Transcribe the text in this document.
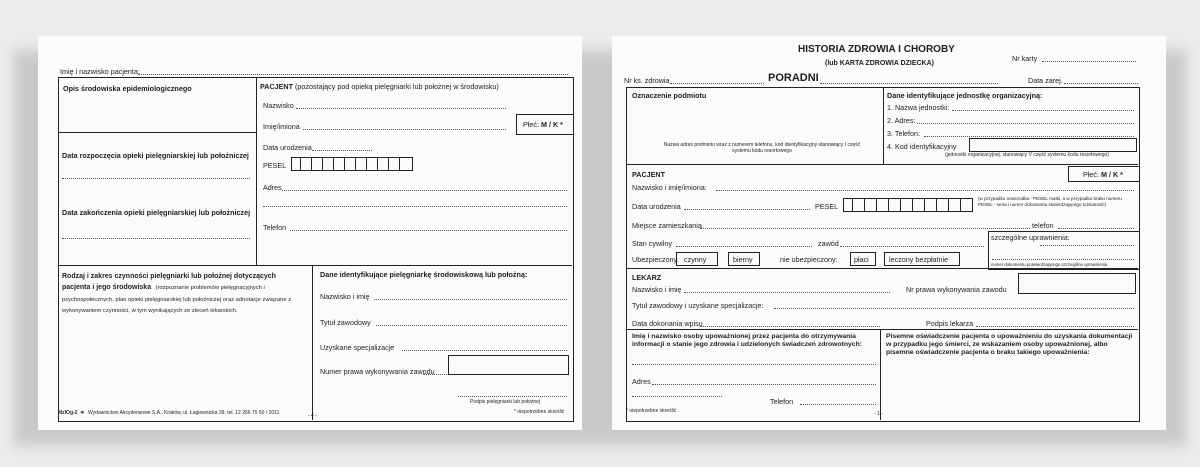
Imię i nazwisko pacjenta:
Opis środowiska epidemiologicznego	PACJENT (pozostający pod opieką pielęgniarki lub położnej w środowisku)
Nazwisko
Imię/imiona	Płeć: M / K *
Data urodzenia
PESEL
Adres
Telefon
Data rozpoczęcia opieki pielęgniarskiej lub położniczej
Data zakończenia opieki pielęgniarskiej lub położniczej
Rodzaj i zakres czynności pielęgniarki lub położnej dotyczących pacjenta i jego środowiska (rozpoznanie problemów pielęgnacyjnych i psychospołecznych, plan opieki pielęgniarskiej lub położniczej oraz adnotacje związane z wykonywaniem czynności, w tym wynikających ze zleceń lekarskich.
Dane identyfikujące pielęgniarkę środowiskową lub położną:
Nazwisko i imię
Tytuł zawodowy
Uzyskane specjalizacje
Numer prawa wykonywania zawodu
Podpis pielęgniarki lub położnej
MzlOg-2 ❖ Wydawnictwo Akcydensowe S.A., Kraków, ul. Łagiewnicka 39, tel. 12 266 75 50 / 2011	- 4 -
* niepotrzebne skreślić
HISTORIA ZDROWIA I CHOROBY
(lub KARTA ZDROWIA DZIECKA)
Nr karty
Nr ks. zdrowia	PORADNI	Data zarej.
Oznaczenie podmiotu
Nazwa adres podmiotu wraz z numerem telefonu, kod identyfikacyjny stanowiący I część systemu kodu resortowego
Dane identyfikujące jednostkę organizacyjną:
1. Nazwa jednostki:
2. Adres:
3. Telefon:
4. Kod identyfikacyjny
(jednostki organizacyjnej, stanowiący V część systemu kodu resortowego)
PACJENT	Płeć: M / K *
Nazwisko i imię/imiona:
Data urodzenia	PESEL
(w przypadku noworodka - PESEL matki, a w przypadku braku numeru PESEL - seria i numer dokumentu stwierdzającego tożsamość)
Miejsce zamieszkania	telefon
szczególne uprawnienia:
numer dokumentu potwierdzającego szczególne uprawnienia
Stan cywilny	zawód
Ubezpieczony: czynny	bierny	nie ubezpieczony: płaci	leczony bezpłatnie
LEKARZ
Nazwisko i imię	Nr prawa wykonywania zawodu
Tytuł zawodowy i uzyskane specjalizacje:
Data dokonania wpisu	Podpis lekarza
Imię i nazwisko osoby upoważnionej przez pacjenta do otrzymywania informacji o stanie jego zdrowia i udzielonych świadczeń zdrowotnych:
Adres
Telefon
Pisemne oświadczenie pacjenta o upoważnieniu do uzyskania dokumentacji w przypadku jego śmierci, ze wskazaniem osoby upoważnionej, albo pisemne oświadczenie pacjenta o braku takiego upoważnienia:
* niepotrzebne skreślić	- 1 -
